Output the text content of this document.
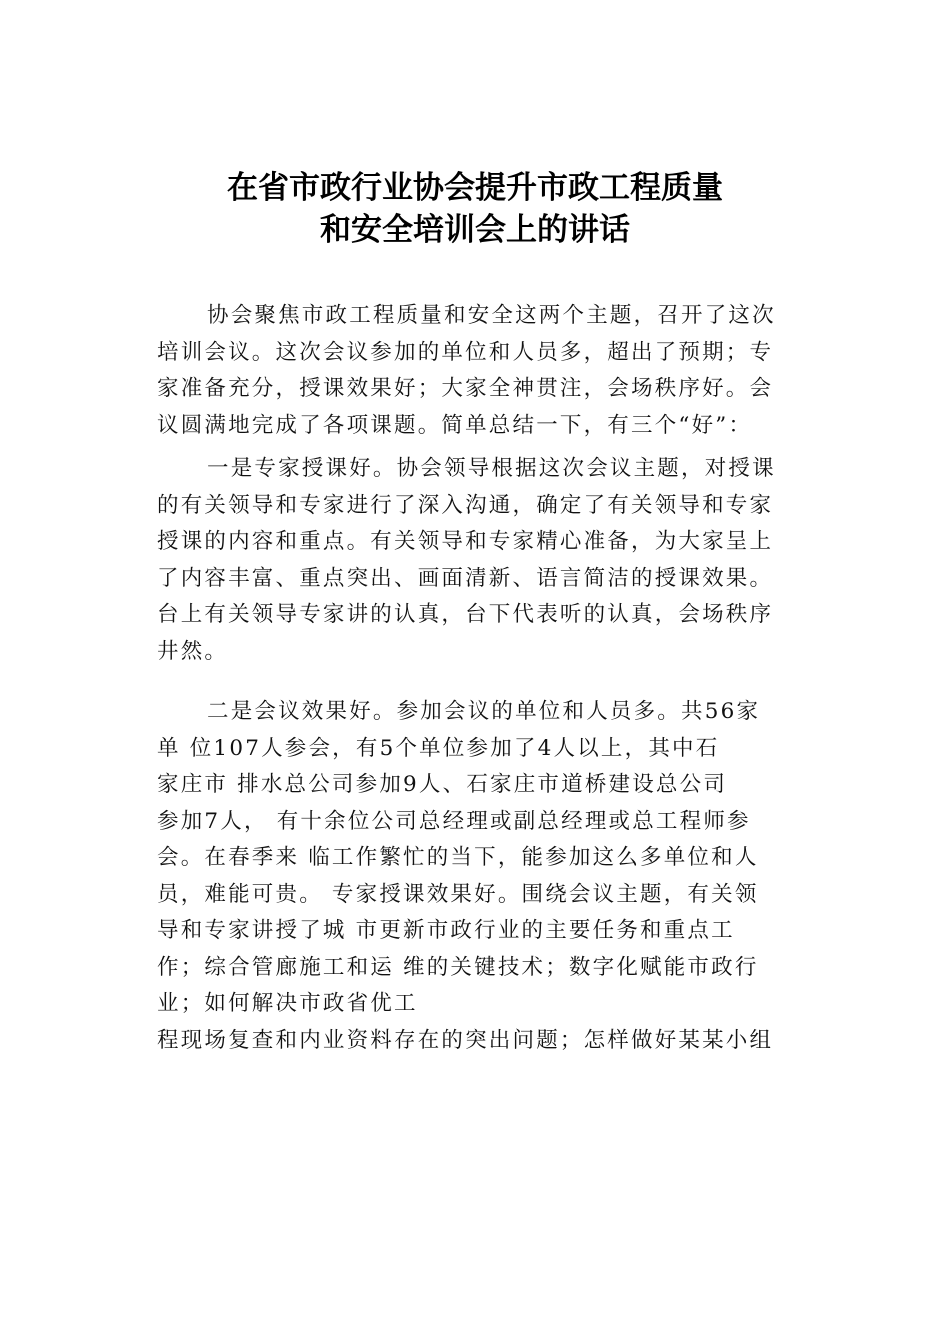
在省市政行业协会提升市政工程质量
和安全培训会上的讲话
协会聚焦市政工程质量和安全这两个主题，召开了这次
培训会议。这次会议参加的单位和人员多，超出了预期；专
家准备充分，授课效果好；大家全神贯注，会场秩序好。会
议圆满地完成了各项课题。简单总结一下，有三个“好”：
一是专家授课好。协会领导根据这次会议主题，对授课
的有关领导和专家进行了深入沟通，确定了有关领导和专家
授课的内容和重点。有关领导和专家精心准备，为大家呈上
了内容丰富、重点突出、画面清新、语言简洁的授课效果。
台上有关领导专家讲的认真，台下代表听的认真，会场秩序
井然。
二是会议效果好。参加会议的单位和人员多。共56家
单 位107人参会，有5个单位参加了4人以上，其中石
家庄市 排水总公司参加9人、石家庄市道桥建设总公司
参加7人， 有十余位公司总经理或副总经理或总工程师参
会。在春季来 临工作繁忙的当下，能参加这么多单位和人
员，难能可贵。 专家授课效果好。围绕会议主题，有关领
导和专家讲授了城 市更新市政行业的主要任务和重点工
作；综合管廊施工和运 维的关键技术；数字化赋能市政行
业；如何解决市政省优工
程现场复查和内业资料存在的突出问题；怎样做好某某小组
